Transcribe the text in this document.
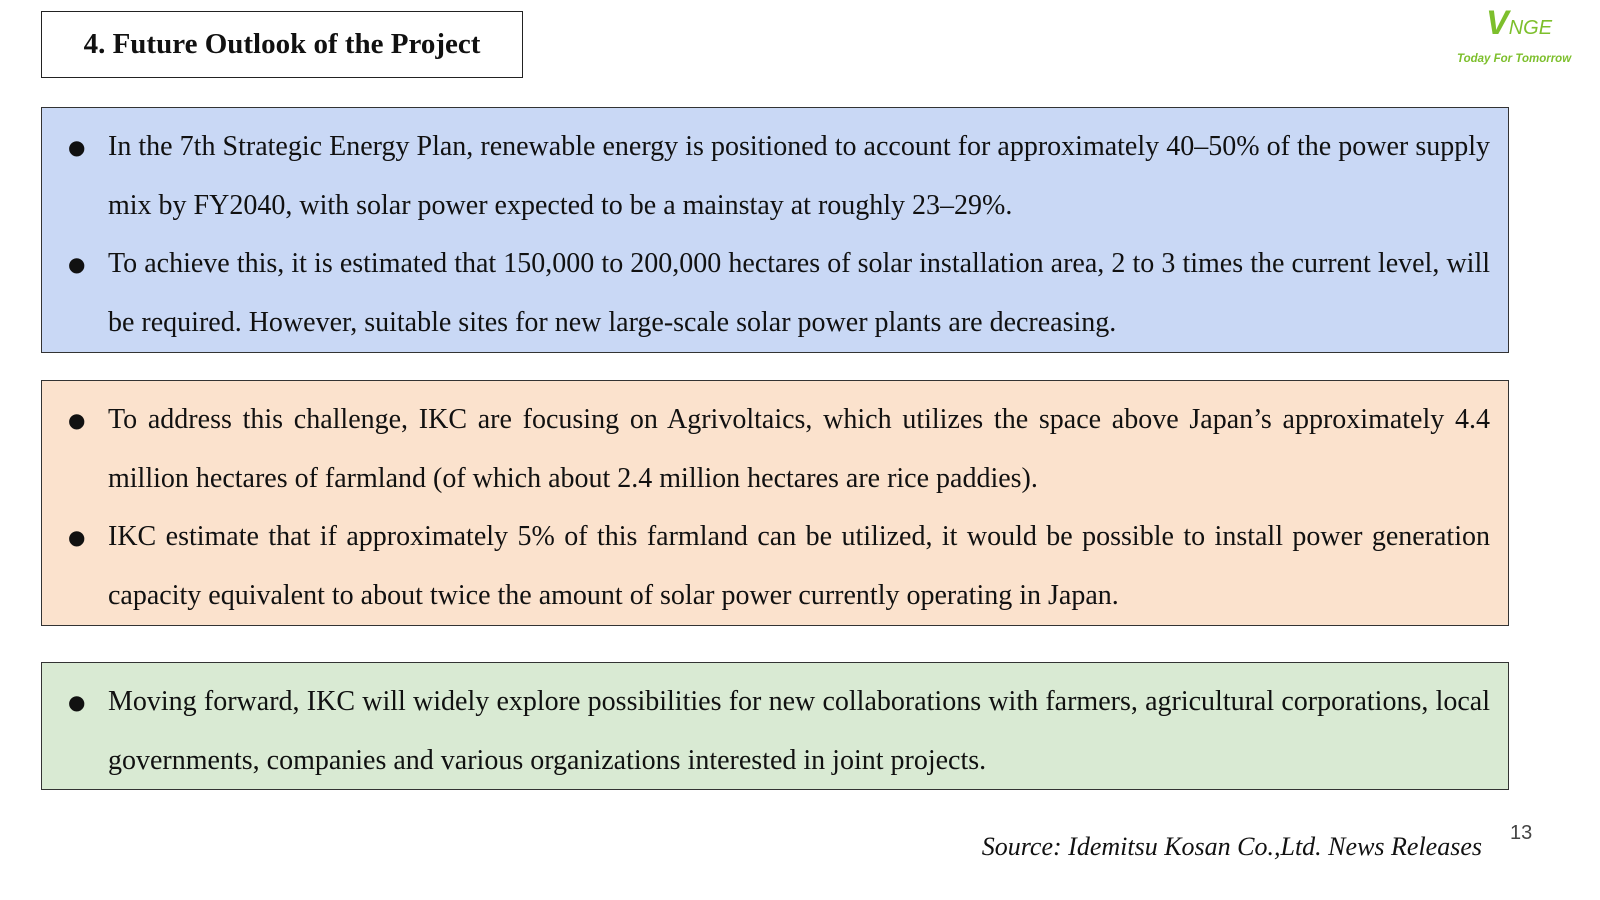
4. Future Outlook of the Project
VNGE
Today For Tomorrow
● In the 7th Strategic Energy Plan, renewable energy is positioned to account for approximately 40–50% of the power supply mix by FY2040, with solar power expected to be a mainstay at roughly 23–29%.
● To achieve this, it is estimated that 150,000 to 200,000 hectares of solar installation area, 2 to 3 times the current level, will be required. However, suitable sites for new large-scale solar power plants are decreasing.
● To address this challenge, IKC are focusing on Agrivoltaics, which utilizes the space above Japan’s approximately 4.4 million hectares of farmland (of which about 2.4 million hectares are rice paddies).
● IKC estimate that if approximately 5% of this farmland can be utilized, it would be possible to install power generation capacity equivalent to about twice the amount of solar power currently operating in Japan.
● Moving forward, IKC will widely explore possibilities for new collaborations with farmers, agricultural corporations, local governments, companies and various organizations interested in joint projects.
Source: Idemitsu Kosan Co.,Ltd. News Releases 13
